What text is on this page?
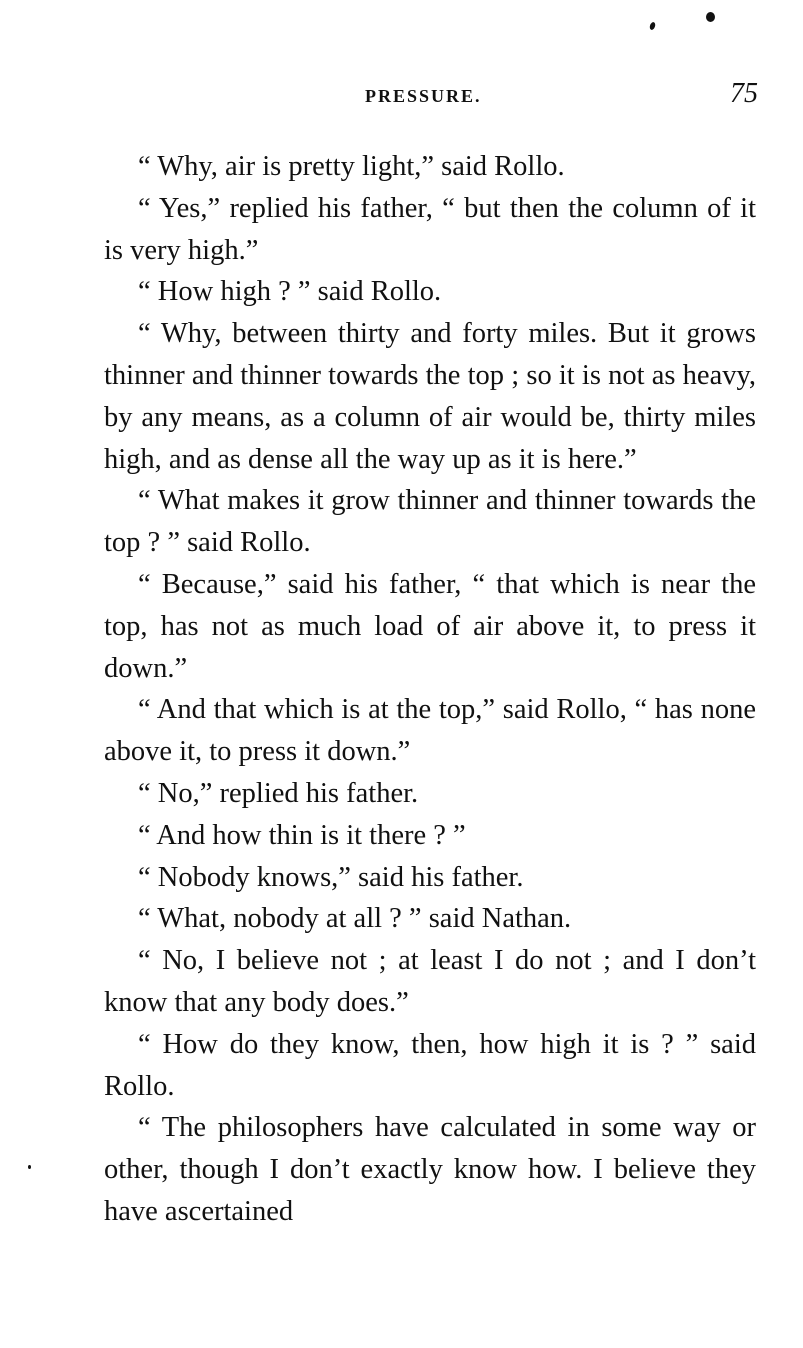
PRESSURE.	75

“ Why, air is pretty light,” said Rollo.

“ Yes,” replied his father, “ but then the column of it is very high.”

“ How high ? ” said Rollo.

“ Why, between thirty and forty miles. But it grows thinner and thinner towards the top ; so it is not as heavy, by any means, as a column of air would be, thirty miles high, and as dense all the way up as it is here.”

“ What makes it grow thinner and thinner towards the top ? ” said Rollo.

“ Because,” said his father, “ that which is near the top, has not as much load of air above it, to press it down.”

“ And that which is at the top,” said Rollo, “ has none above it, to press it down.”

“ No,” replied his father.

“ And how thin is it there ? ”

“ Nobody knows,” said his father.

“ What, nobody at all ? ” said Nathan.

“ No, I believe not ; at least I do not ; and I don’t know that any body does.”

“ How do they know, then, how high it is ? ” said Rollo.

“ The philosophers have calculated in some way or other, though I don’t exactly know how. I believe they have ascertained
